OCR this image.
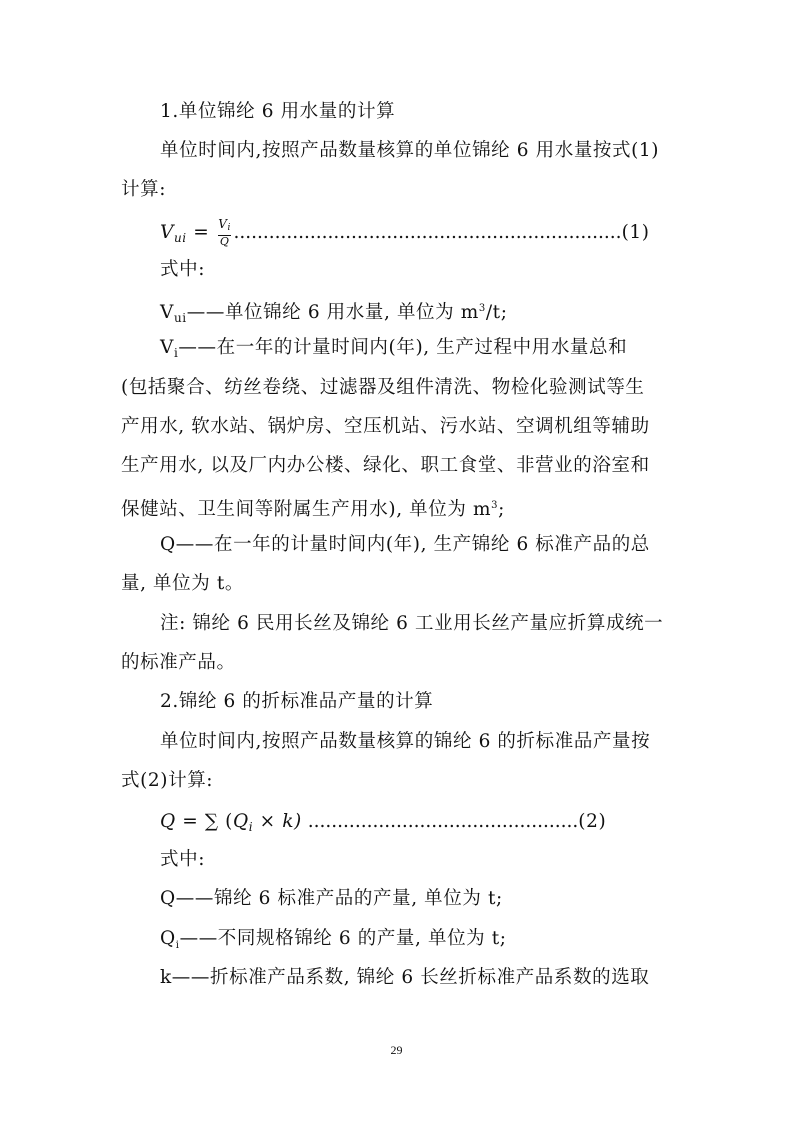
1.单位锦纶 6 用水量的计算
单位时间内,按照产品数量核算的单位锦纶 6 用水量按式(1)
计算:
$V_{ui} = \frac{V_i}{Q} ..................................................................(1)$
式中:
$V_{ui}——$单位锦纶 6 用水量, 单位为 $m^3/t$;
$V_i——$在一年的计量时间内(年), 生产过程中用水量总和
(包括聚合、纺丝卷绕、过滤器及组件清洗、物检化验测试等生
产用水, 软水站、锅炉房、空压机站、污水站、空调机组等辅助
生产用水, 以及厂内办公楼、绿化、职工食堂、非营业的浴室和
保健站、卫生间等附属生产用水), 单位为 $m^3$;
Q——在一年的计量时间内(年), 生产锦纶 6 标准产品的总
量, 单位为 t。
注: 锦纶 6 民用长丝及锦纶 6 工业用长丝产量应折算成统一
的标准产品。
2.锦纶 6 的折标准品产量的计算
单位时间内,按照产品数量核算的锦纶 6 的折标准品产量按
式(2)计算:
Q = ∑ $(Q_i \times k)$ ..............................................(2)
式中:
Q——锦纶 6 标准产品的产量, 单位为 t;
$Q_i——$不同规格锦纶 6 的产量, 单位为 t;
k——折标准产品系数, 锦纶 6 长丝折标准产品系数的选取
29
